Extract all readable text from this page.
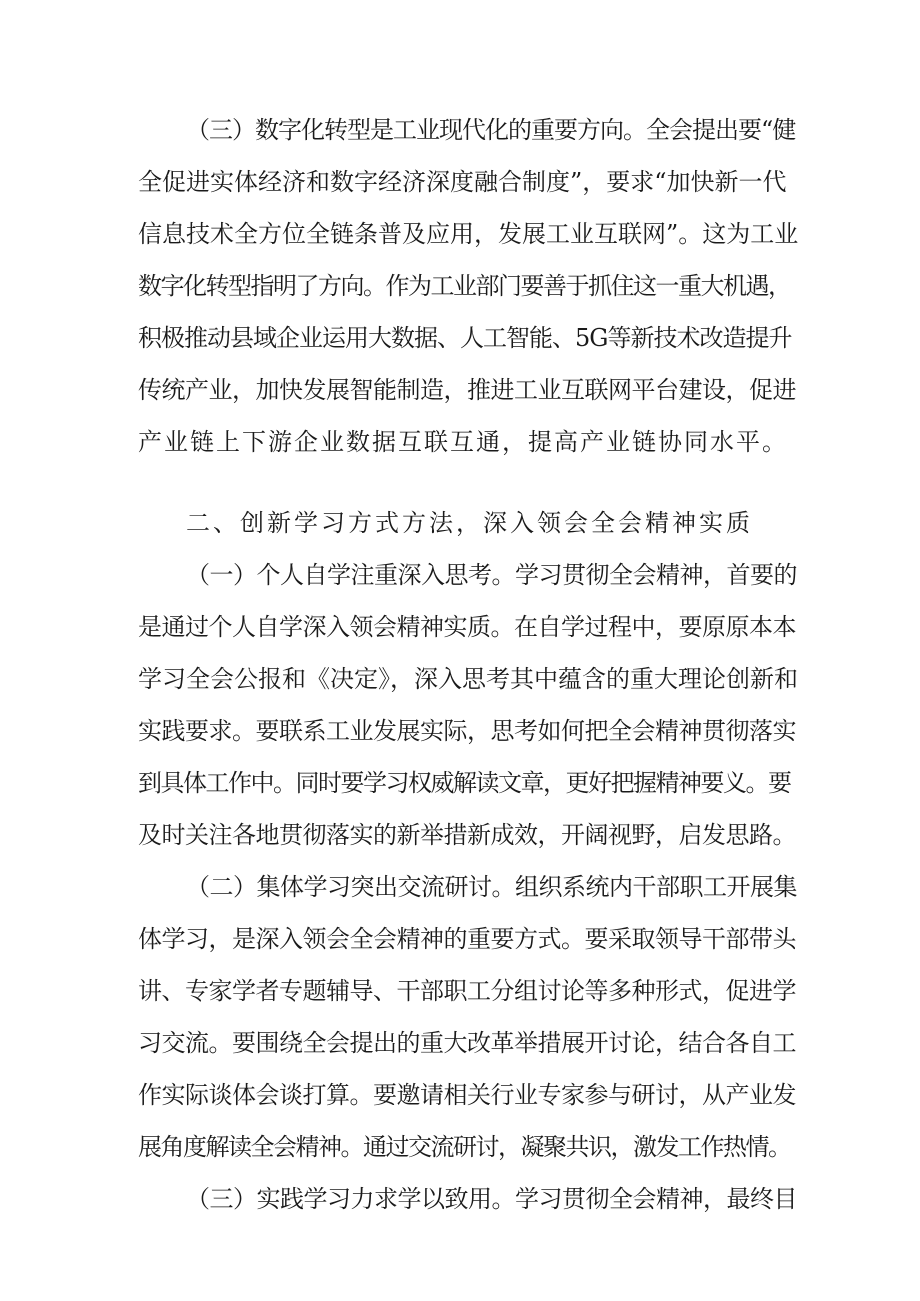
（三）数字化转型是工业现代化的重要方向。全会提出要“健
全促进实体经济和数字经济深度融合制度”，要求“加快新一代
信息技术全方位全链条普及应用，发展工业互联网”。这为工业
数字化转型指明了方向。作为工业部门要善于抓住这一重大机遇，
积极推动县域企业运用大数据、人工智能、5G等新技术改造提升
传统产业，加快发展智能制造，推进工业互联网平台建设，促进
产业链上下游企业数据互联互通，提高产业链协同水平。
二、创新学习方式方法，深入领会全会精神实质
（一）个人自学注重深入思考。学习贯彻全会精神，首要的
是通过个人自学深入领会精神实质。在自学过程中，要原原本本
学习全会公报和《决定》，深入思考其中蕴含的重大理论创新和
实践要求。要联系工业发展实际，思考如何把全会精神贯彻落实
到具体工作中。同时要学习权威解读文章，更好把握精神要义。要
及时关注各地贯彻落实的新举措新成效，开阔视野，启发思路。
（二）集体学习突出交流研讨。组织系统内干部职工开展集
体学习，是深入领会全会精神的重要方式。要采取领导干部带头
讲、专家学者专题辅导、干部职工分组讨论等多种形式，促进学
习交流。要围绕全会提出的重大改革举措展开讨论，结合各自工
作实际谈体会谈打算。要邀请相关行业专家参与研讨，从产业发
展角度解读全会精神。通过交流研讨，凝聚共识，激发工作热情。
（三）实践学习力求学以致用。学习贯彻全会精神，最终目
